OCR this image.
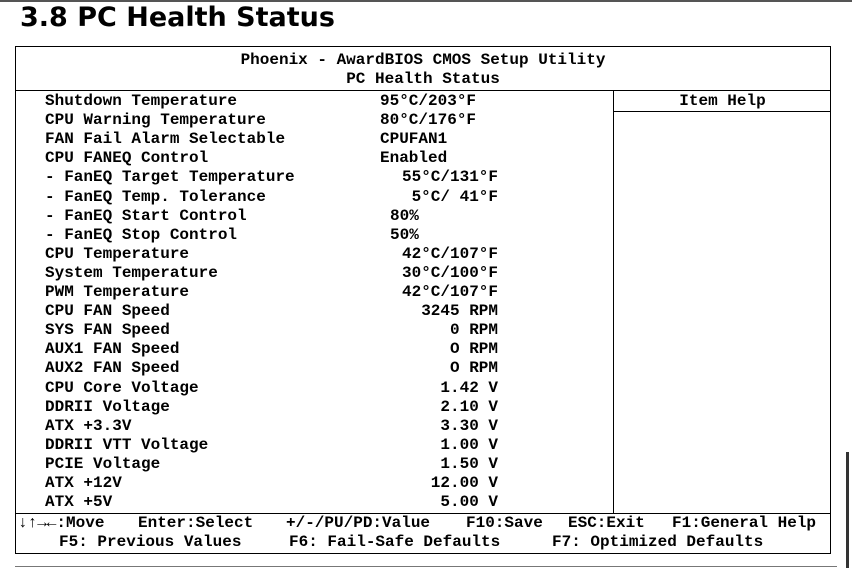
3.8 PC Health Status
Phoenix - AwardBIOS CMOS Setup Utility
PC Health Status
Shutdown Temperature	95°C/203°F
CPU Warning Temperature	80°C/176°F
FAN Fail Alarm Selectable	CPUFAN1
CPU FANEQ Control	Enabled
- FanEQ Target Temperature	55°C/131°F
- FanEQ Temp. Tolerance	5°C/ 41°F
- FanEQ Start Control	80%
- FanEQ Stop Control	50%
CPU Temperature	42°C/107°F
System Temperature	30°C/100°F
PWM Temperature	42°C/107°F
CPU FAN Speed	3245 RPM
SYS FAN Speed	0 RPM
AUX1 FAN Speed	O RPM
AUX2 FAN Speed	O RPM
CPU Core Voltage	1.42 V
DDRII Voltage	2.10 V
ATX +3.3V	3.30 V
DDRII VTT Voltage	1.00 V
PCIE Voltage	1.50 V
ATX +12V	12.00 V
ATX +5V	5.00 V
Item Help
↓↑→←:Move Enter:Select +/-/PU/PD:Value F10:Save ESC:Exit F1:General Help
F5: Previous Values	F6: Fail-Safe Defaults	F7: Optimized Defaults
